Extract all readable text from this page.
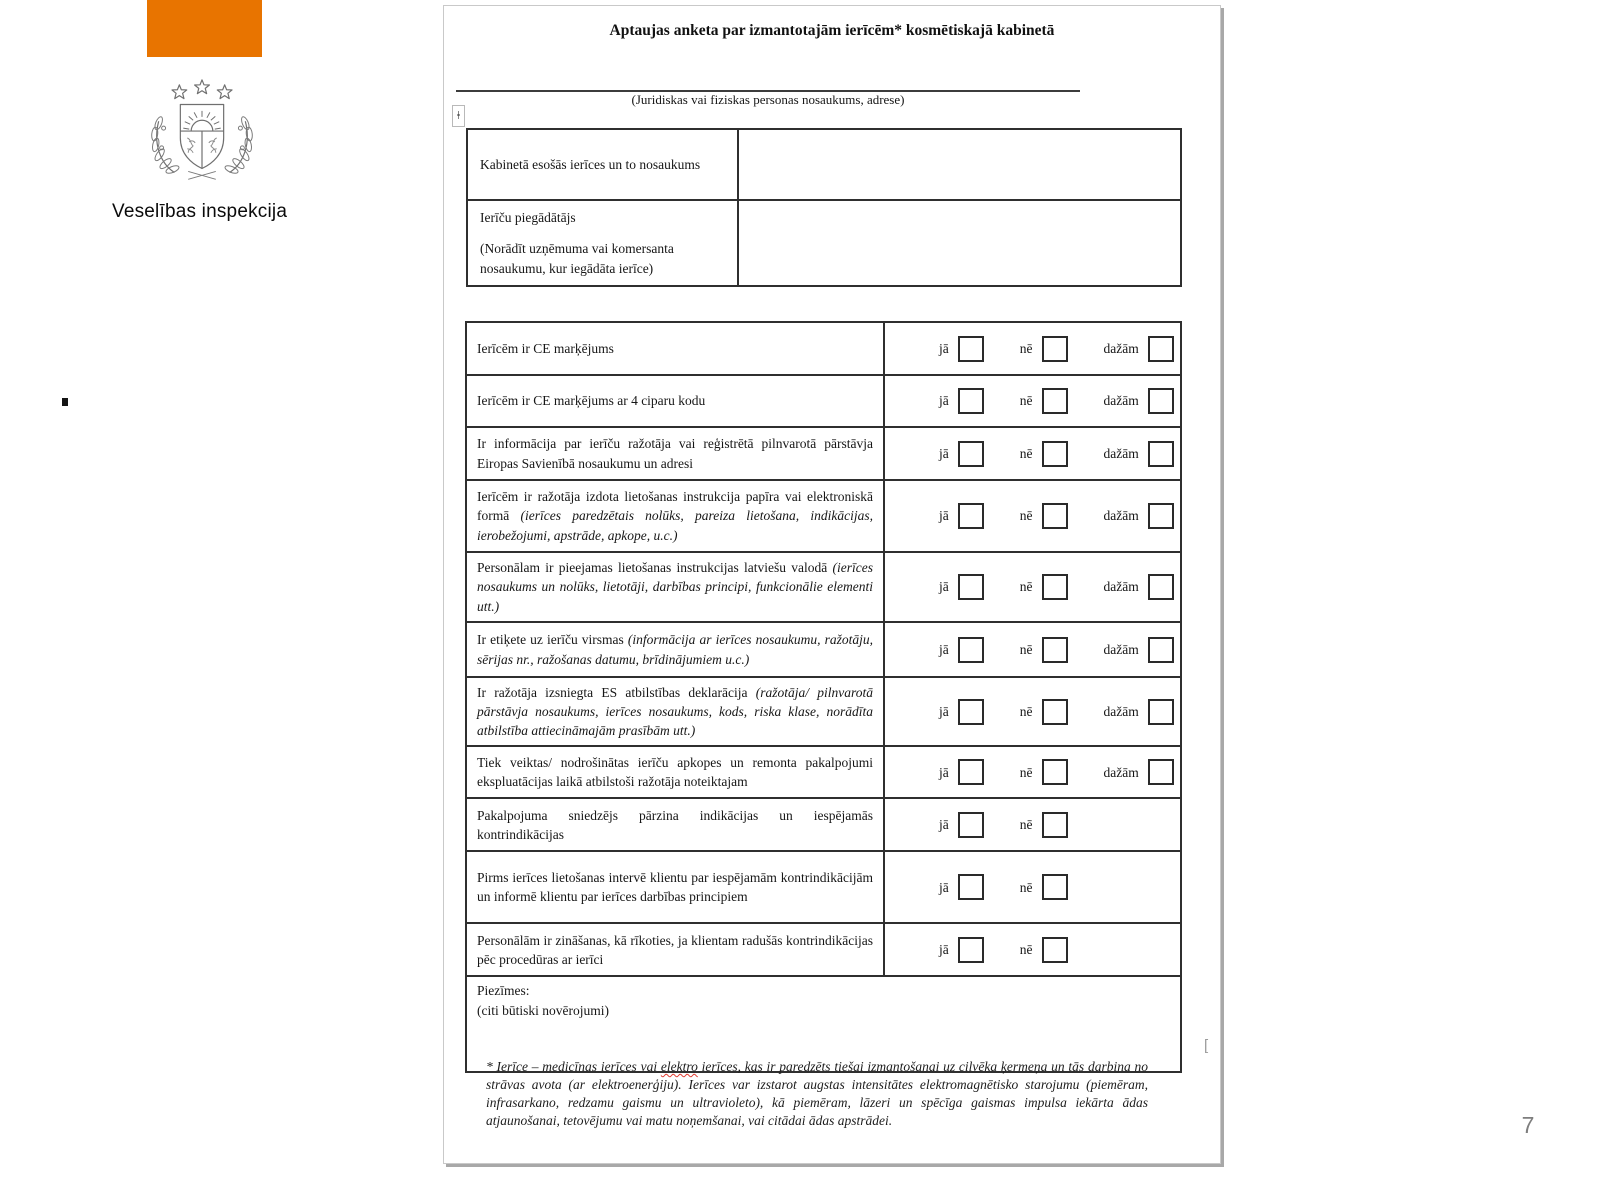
Veselības inspekcija
7
Aptaujas anketa par izmantotajām ierīcēm* kosmētiskajā kabinetā
(Juridiskas vai fiziskas personas nosaukums, adrese)
ǂ
Kabinetā esošās ierīces un to nosaukums	
Ierīču piegādātājs
(Norādīt uzņēmuma vai komersanta nosaukumu, kur iegādāta ierīce)	

Ierīcēm ir CE marķējums	jā nē dažām

Ierīcēm ir CE marķējums ar 4 ciparu kodu	jā nē dažām

Ir informācija par ierīču ražotāja vai reģistrētā pilnvarotā pārstāvja Eiropas Savienībā nosaukumu un adresi	jā nē dažām

Ierīcēm ir ražotāja izdota lietošanas instrukcija papīra vai elektroniskā formā (ierīces paredzētais nolūks, pareiza lietošana, indikācijas, ierobežojumi, apstrāde, apkope, u.c.)	jā nē dažām

Personālam ir pieejamas lietošanas instrukcijas latviešu valodā (ierīces nosaukums un nolūks, lietotāji, darbības principi, funkcionālie elementi utt.)	jā nē dažām

Ir etiķete uz ierīču virsmas (informācija ar ierīces nosaukumu, ražotāju, sērijas nr., ražošanas datumu, brīdinājumiem u.c.)	jā nē dažām

Ir ražotāja izsniegta ES atbilstības deklarācija (ražotāja/ pilnvarotā pārstāvja nosaukums, ierīces nosaukums, kods, riska klase, norādīta atbilstība attiecināmajām prasībām utt.)	jā nē dažām

Tiek veiktas/ nodrošinātas ierīču apkopes un remonta pakalpojumi ekspluatācijas laikā atbilstoši ražotāja noteiktajam	jā nē dažām

Pakalpojuma sniedzējs pārzina indikācijas un iespējamās kontrindikācijas	jā nē

Pirms ierīces lietošanas intervē klientu par iespējamām kontrindikācijām un informē klientu par ierīces darbības principiem	jā nē

Personālām ir zināšanas, kā rīkoties, ja klientam radušās kontrindikācijas pēc procedūras ar ierīci	jā nē

Piezīmes:
(citi būtiski novērojumi)	
[
* Ierīce – medicīnas ierīces vai elektro ierīces, kas ir paredzēts tiešai izmantošanai uz cilvēka ķermeņa un tās darbina no strāvas avota (ar elektroenerģiju). Ierīces var izstarot augstas intensitātes elektromagnētisko starojumu (piemēram, infrasarkano, redzamu gaismu un ultravioleto), kā piemēram, lāzeri un spēcīga gaismas impulsa iekārta ādas atjaunošanai, tetovējumu vai matu noņemšanai, vai citādai ādas apstrādei.
